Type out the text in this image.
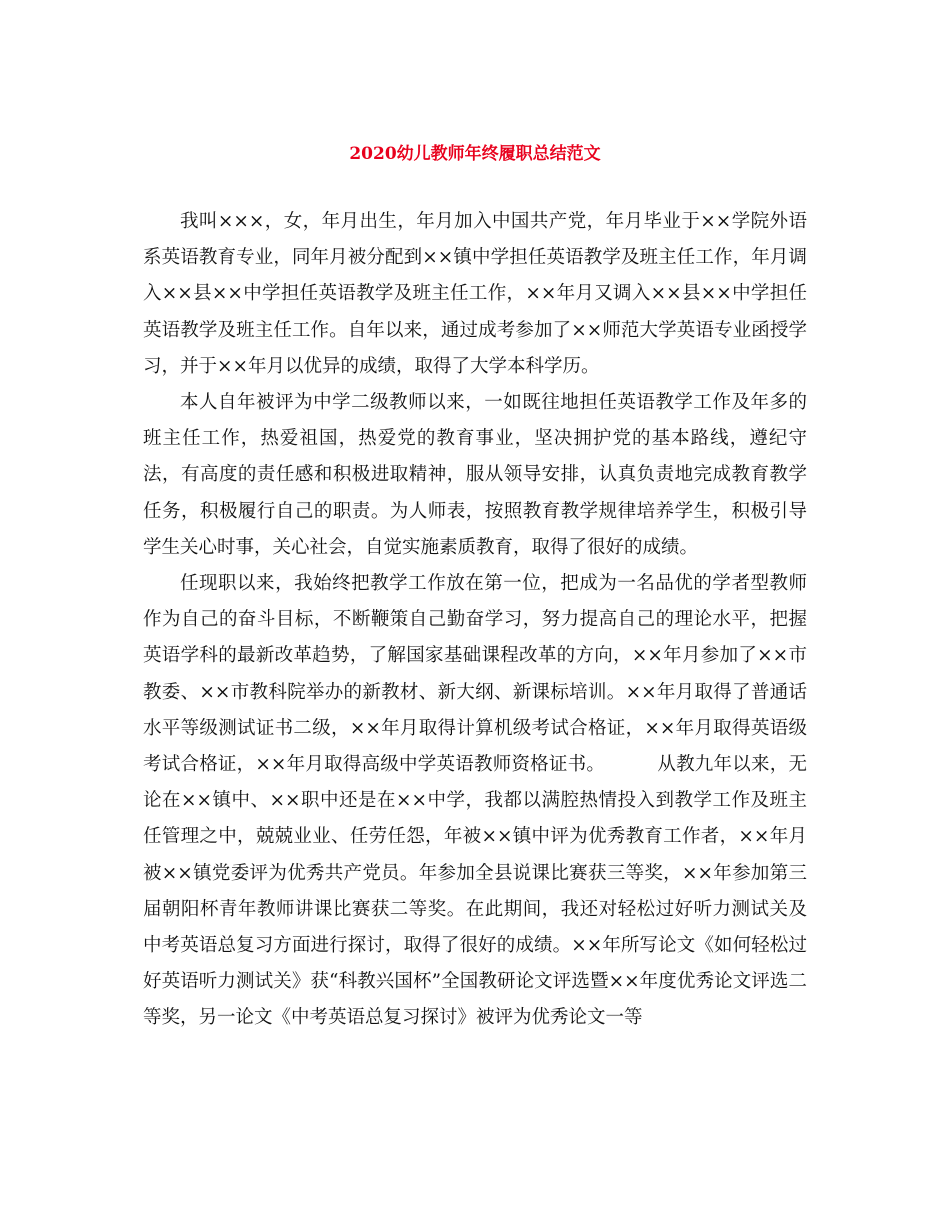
2020幼儿教师年终履职总结范文

我叫×××，女，年月出生，年月加入中国共产党，年月毕业于××学院外语系英语教育专业，同年月被分配到××镇中学担任英语教学及班主任工作，年月调入××县××中学担任英语教学及班主任工作，××年月又调入××县××中学担任英语教学及班主任工作。自年以来，通过成考参加了××师范大学英语专业函授学习，并于××年月以优异的成绩，取得了大学本科学历。

本人自年被评为中学二级教师以来，一如既往地担任英语教学工作及年多的班主任工作，热爱祖国，热爱党的教育事业，坚决拥护党的基本路线，遵纪守法，有高度的责任感和积极进取精神，服从领导安排，认真负责地完成教育教学任务，积极履行自己的职责。为人师表，按照教育教学规律培养学生，积极引导学生关心时事，关心社会，自觉实施素质教育，取得了很好的成绩。

任现职以来，我始终把教学工作放在第一位，把成为一名品优的学者型教师作为自己的奋斗目标，不断鞭策自己勤奋学习，努力提高自己的理论水平，把握英语学科的最新改革趋势，了解国家基础课程改革的方向，××年月参加了××市教委、××市教科院举办的新教材、新大纲、新课标培训。××年月取得了普通话水平等级测试证书二级，××年月取得计算机级考试合格证，××年月取得英语级考试合格证，××年月取得高级中学英语教师资格证书。	从教九年以来，无论在××镇中、××职中还是在××中学，我都以满腔热情投入到教学工作及班主任管理之中，兢兢业业、任劳任怨，年被××镇中评为优秀教育工作者，××年月被××镇党委评为优秀共产党员。年参加全县说课比赛获三等奖，××年参加第三届朝阳杯青年教师讲课比赛获二等奖。在此期间，我还对轻松过好听力测试关及中考英语总复习方面进行探讨，取得了很好的成绩。××年所写论文《如何轻松过好英语听力测试关》获“科教兴国杯”全国教研论文评选暨××年度优秀论文评选二等奖，另一论文《中考英语总复习探讨》被评为优秀论文一等
